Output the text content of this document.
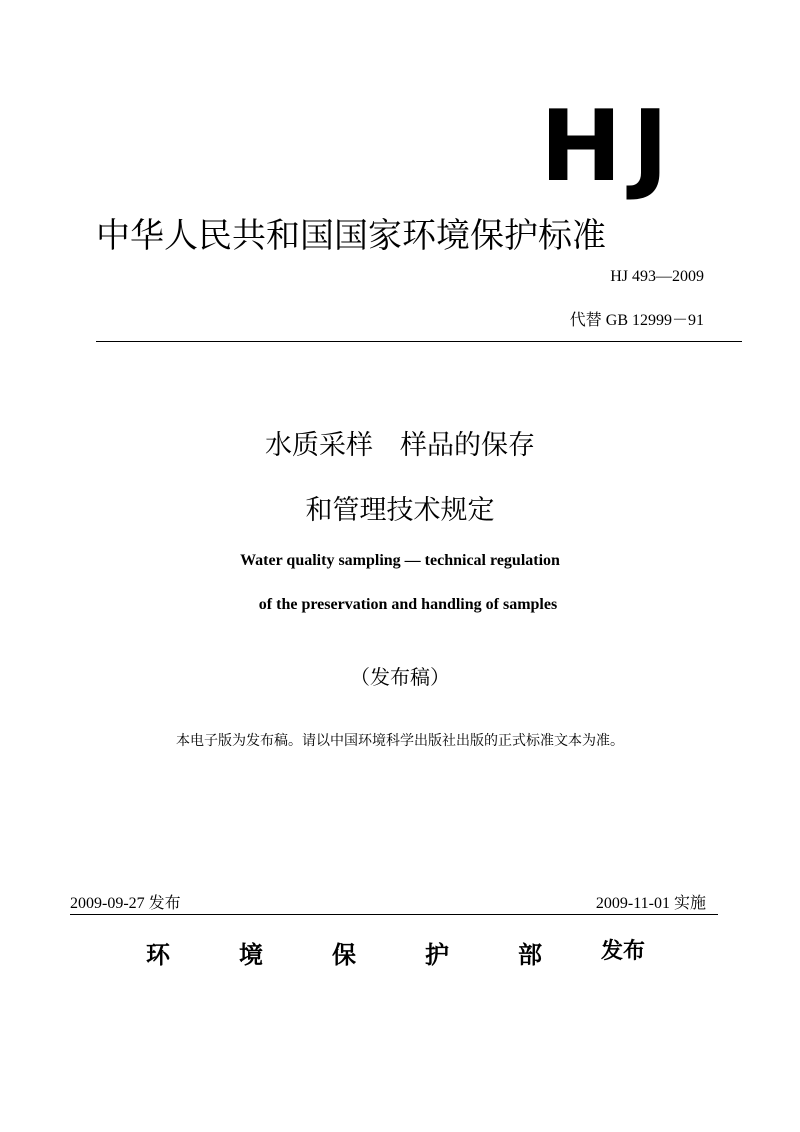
HJ
中华人民共和国国家环境保护标准
HJ 493—2009
代替 GB 12999－91
水质采样　样品的保存
和管理技术规定
Water quality sampling — technical regulation
of the preservation and handling of samples
（发布稿）
本电子版为发布稿。请以中国环境科学出版社出版的正式标准文本为准。
2009-09-27 发布	2009-11-01 实施
环	境	保	护	部	发布
